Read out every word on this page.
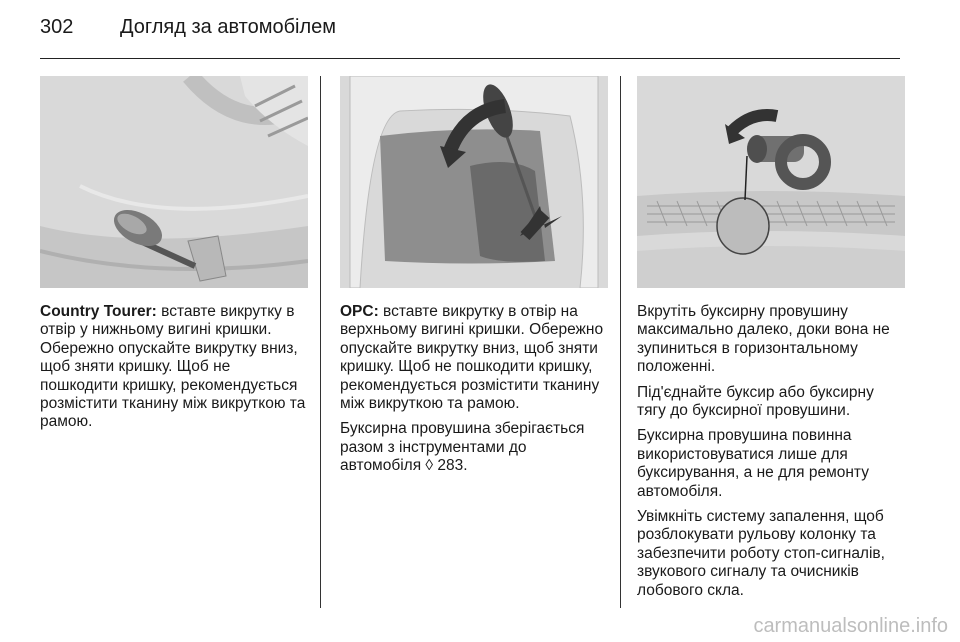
302 Догляд за автомобілем

Country Tourer: вставте викрутку в отвір у нижньому вигині кришки. Обережно опускайте викрутку вниз, щоб зняти кришку. Щоб не пошкодити кришку, рекомендується розмістити тканину між викруткою та рамою.

OPC: вставте викрутку в отвір на верхньому вигині кришки. Обережно опускайте викрутку вниз, щоб зняти кришку. Щоб не пошкодити кришку, рекомендується розмістити тканину між викруткою та рамою.

Буксирна провушина зберігається разом з інструментами до автомобіля ◊ 283.

Вкрутіть буксирну провушину максимально далеко, доки вона не зупиниться в горизонтальному положенні.

Під'єднайте буксир або буксирну тягу до буксирної провушини.

Буксирна провушина повинна використовуватися лише для буксирування, а не для ремонту автомобіля.

Увімкніть систему запалення, щоб розблокувати рульову колонку та забезпечити роботу стоп-сигналів, звукового сигналу та очисників лобового скла.

carmanualsonline.info
